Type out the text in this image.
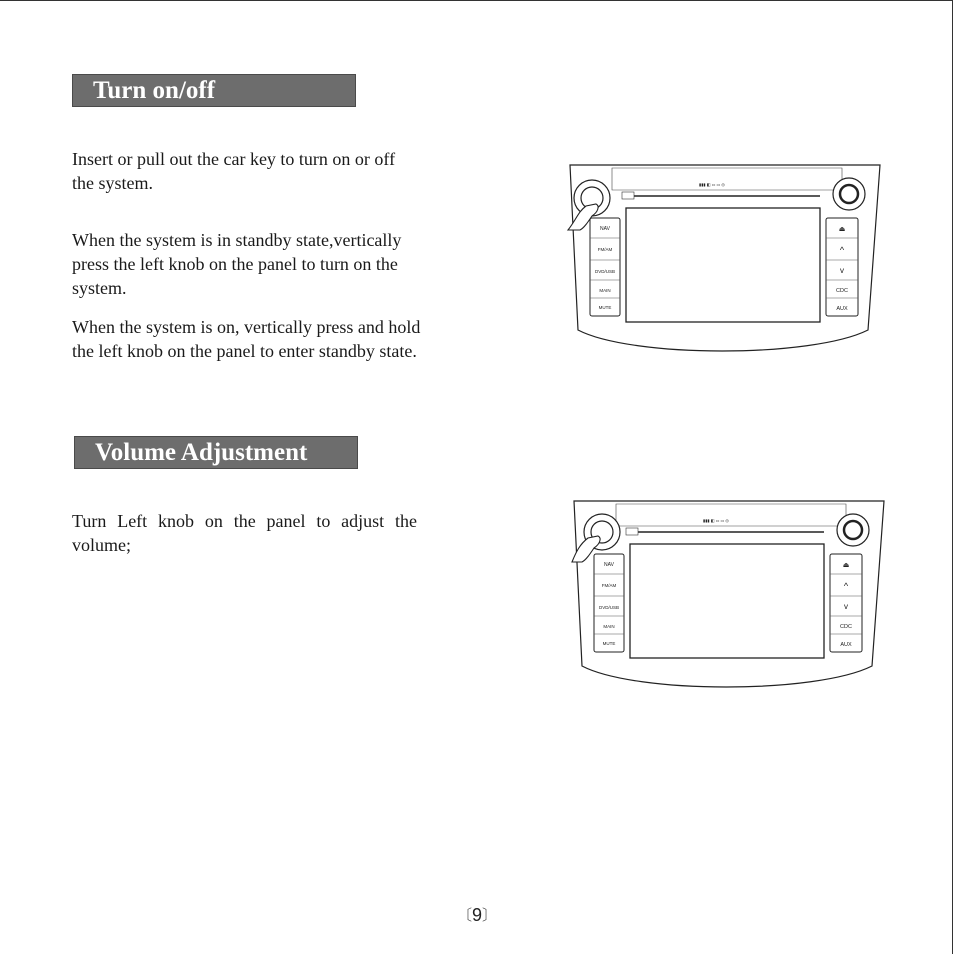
Turn on/off

Insert or pull out the car key to turn on or off the system.

When the system is in standby state,vertically press the left knob on the panel to turn on the system.

When the system is on, vertically press and hold the left knob on the panel to enter standby state.

Volume Adjustment

Turn Left knob on the panel to adjust the volume;

▮▮▮ ◧ ▭ ▭ ◎
NAV
FM/AM
DVD/USB
MAIN
MUTE
⏏
^
v
CDC
AUX
▮▮▮ ◧ ▭ ▭ ◎
NAV
FM/AM
DVD/USB
MAIN
MUTE
⏏
^
v
CDC
AUX
〔9〕
